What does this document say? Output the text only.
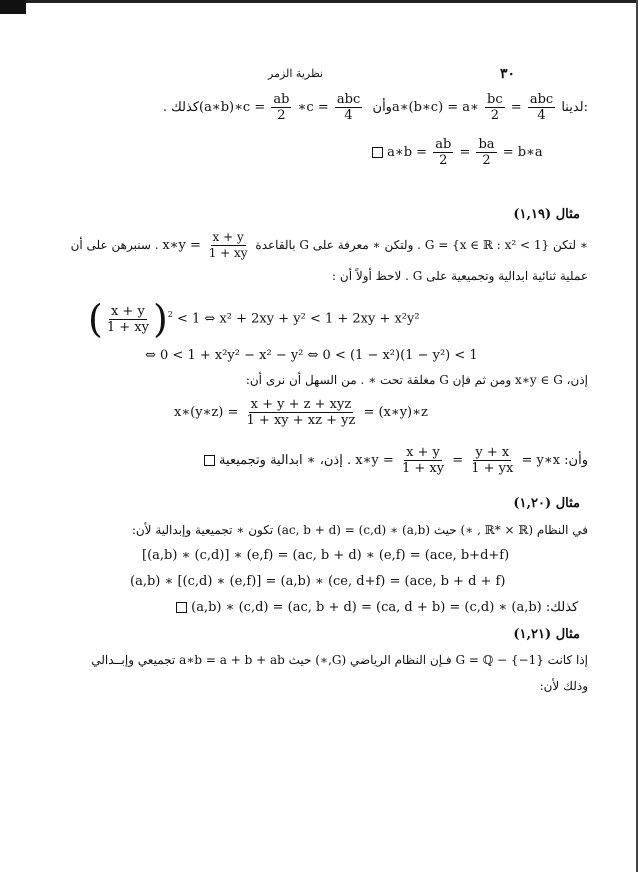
٣٠
نظرية الزمر
كذلك . (a∗b)∗c = $\frac{ab}{2}$ ∗c = $\frac{\text{abc}}{4}$ وأن a∗(b∗c) = a∗ $\frac{bc}{2} = \frac{\text{abc}}{4}$ :لدينا
a∗b = $\frac{ab}{2} = \frac{ba}{2}$ = b∗a
مثال (١,١٩)
. سنبرهن على أن x∗y = $\frac{x + y}{1 + xy}$ ∗ لتكن G = {x ∈ ℝ : x² < 1} . ولتكن ∗ معرفة على G بالقاعدة
عملية ثنائية ابدالية وتجميعية على G . لاحظ أولاً أن :
( $\frac{x + y}{1 + xy} )^2 < 1$ ⇔ x² + 2xy + y² < 1 + 2xy + x²y²
⇔ 0 < 1 + x²y² − x² − y² ⇔ 0 < (1 − x²)(1 − y²) < 1
إذن، x∗y ∈ G ومن ثم فإن G مغلقة تحت ∗ . من السهل أن نرى أن:
x∗(y∗z) = $\frac{\text{x + y + z + xyz}}{1 + xy + xz + yz}$ = (x∗y)∗z
. إذن، ∗ ابدالية وتجميعية x∗y = $\frac{x + y}{1 + xy} = \frac{y + x}{1 + yx}$ = y∗x وأن:
مثال (١,٢٠)
في النظام (ℝ* × ℝ , ∗) حيث (a,b) ∗ (c,d) = (ac, b + d) تكون ∗ تجميعية وإبدالية لأن:
[(a,b) ∗ (c,d)] ∗ (e,f) = (ac, b + d) ∗ (e,f) = (ace, b+d+f)
(a,b) ∗ [(c,d) ∗ (e,f)] = (a,b) ∗ (ce, d+f) = (ace, b + d + f)
(a,b) ∗ (c,d) = (ac, b + d) = (ca, d + b) = (c,d) ∗ (a,b) كذلك:
مثال (١,٢١)
إذا كانت G = ℚ − {−1} فـإن النظام الرياضي (G,∗) حيث a∗b = a + b + ab تجميعي وإبــدالي
وذلك لأن:
